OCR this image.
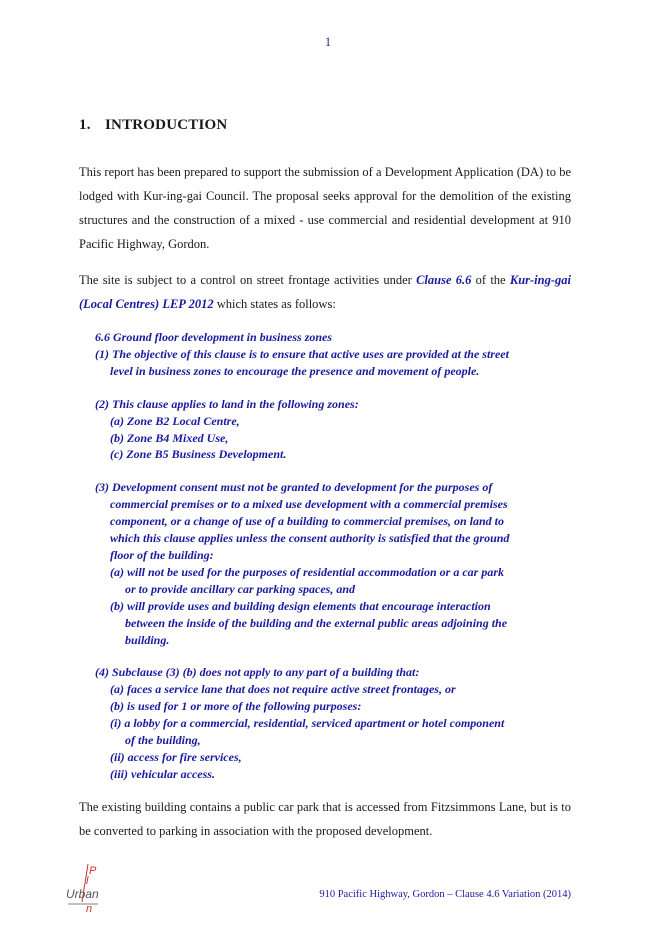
1
1. INTRODUCTION
This report has been prepared to support the submission of a Development Application (DA) to be lodged with Kur-ing-gai Council. The proposal seeks approval for the demolition of the existing structures and the construction of a mixed - use commercial and residential development at 910 Pacific Highway, Gordon.
The site is subject to a control on street frontage activities under Clause 6.6 of the Kur-ing-gai (Local Centres) LEP 2012 which states as follows:
6.6 Ground floor development in business zones
(1) The objective of this clause is to ensure that active uses are provided at the street
level in business zones to encourage the presence and movement of people.
(2) This clause applies to land in the following zones:
(a) Zone B2 Local Centre,
(b) Zone B4 Mixed Use,
(c) Zone B5 Business Development.
(3) Development consent must not be granted to development for the purposes of
commercial premises or to a mixed use development with a commercial premises
component, or a change of use of a building to commercial premises, on land to
which this clause applies unless the consent authority is satisfied that the ground
floor of the building:
(a) will not be used for the purposes of residential accommodation or a car park
or to provide ancillary car parking spaces, and
(b) will provide uses and building design elements that encourage interaction
between the inside of the building and the external public areas adjoining the
building.
(4) Subclause (3) (b) does not apply to any part of a building that:
(a) faces a service lane that does not require active street frontages, or
(b) is used for 1 or more of the following purposes:
(i) a lobby for a commercial, residential, serviced apartment or hotel component
of the building,
(ii) access for fire services,
(iii) vehicular access.
The existing building contains a public car park that is accessed from Fitzsimmons Lane, but is to be converted to parking in association with the proposed development.
P
l
Urban
n
910 Pacific Highway, Gordon – Clause 4.6 Variation (2014)
